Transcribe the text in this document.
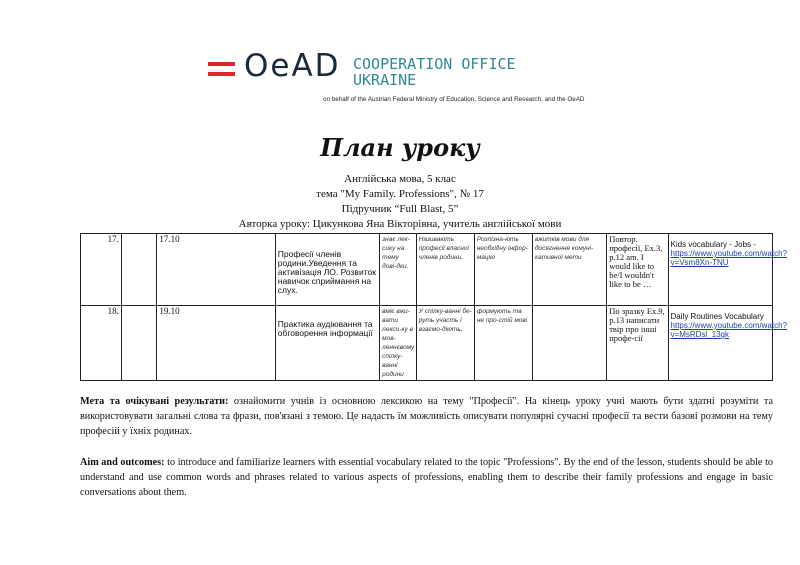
OeAD COOPERATION OFFICE
UKRAINE
on behalf of the Austrian Federal Ministry of Education, Science and Research, and the OeAD
План уроку
Англійська мова, 5 клас
тема "My Family. Professions", № 17
Підручник “Full Blast, 5”
Авторка уроку: Цикункова Яна Вікторівна, учитель англійської мови
17.		17.10	Професії членів родини.Уведення та активізація ЛО. Розвиток навичок сприймання на слух.	знає лек-сику на тему дові-дки.	Називають професії власної членів родини.	Розпізна-ють необхідну інфор-мацію	вжитків мови для досягнення комуні-кативної мети	Повтор. професії, Ex.3, p.12 am. I would like to be/I wouldn't like to be …	Kids vocabulary - Jobs -
https://www.youtube.com/watch?v=Vsm8Xn-TNU
18.		19.10	Практика аудіювання та обговорення інформації	вміє вжи-вати лекси-ку в мов-леннєвому спілку-ванні родини	У спілку-ванні бе-руть участь і взаємо-діють.	формують та не про-стій мові		По зразку Ex.9, p.13 написати твір про інші профе-сії	Daily Routines Vocabulary
https://www.youtube.com/watch?v=MsRDsl_13gk
Мета та очікувані результати: ознайомити учнів із основною лексикою на тему "Професії". На кінець уроку учні мають бути здатні розуміти та використовувати загальні слова та фрази, пов'язані з темою. Це надасть їм можливість описувати популярні сучасні професії та вести базові розмови на тему професій у їхніх родинах.
Aim and outcomes: to introduce and familiarize learners with essential vocabulary related to the topic "Professions". By the end of the lesson, students should be able to understand and use common words and phrases related to various aspects of professions, enabling them to describe their family professions and engage in basic conversations about them.
